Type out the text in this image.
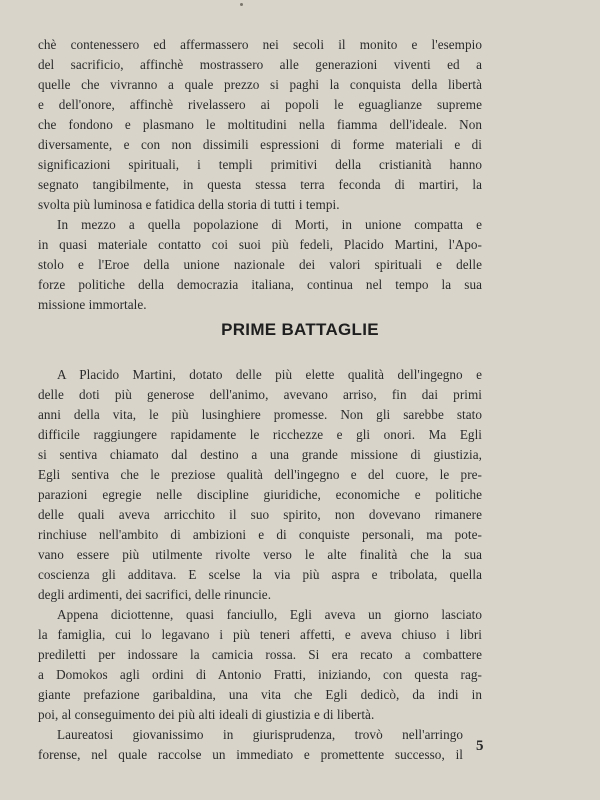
chè contenessero ed affermassero nei secoli il monito e l'esempio
del sacrificio, affinchè mostrassero alle generazioni viventi ed a
quelle che vivranno a quale prezzo si paghi la conquista della libertà
e dell'onore, affinchè rivelassero ai popoli le eguaglianze supreme
che fondono e plasmano le moltitudini nella fiamma dell'ideale. Non
diversamente, e con non dissimili espressioni di forme materiali e di
significazioni spirituali, i templi primitivi della cristianità hanno
segnato tangibilmente, in questa stessa terra feconda di martiri, la
svolta più luminosa e fatidica della storia di tutti i tempi.
In mezzo a quella popolazione di Morti, in unione compatta e
in quasi materiale contatto coi suoi più fedeli, Placido Martini, l'Apo-
stolo e l'Eroe della unione nazionale dei valori spirituali e delle
forze politiche della democrazia italiana, continua nel tempo la sua
missione immortale.
PRIME BATTAGLIE
A Placido Martini, dotato delle più elette qualità dell'ingegno e
delle doti più generose dell'animo, avevano arriso, fin dai primi
anni della vita, le più lusinghiere promesse. Non gli sarebbe stato
difficile raggiungere rapidamente le ricchezze e gli onori. Ma Egli
si sentiva chiamato dal destino a una grande missione di giustizia,
Egli sentiva che le preziose qualità dell'ingegno e del cuore, le pre-
parazioni egregie nelle discipline giuridiche, economiche e politiche
delle quali aveva arricchito il suo spirito, non dovevano rimanere
rinchiuse nell'ambito di ambizioni e di conquiste personali, ma pote-
vano essere più utilmente rivolte verso le alte finalità che la sua
coscienza gli additava. E scelse la via più aspra e tribolata, quella
degli ardimenti, dei sacrifici, delle rinuncie.
Appena diciottenne, quasi fanciullo, Egli aveva un giorno lasciato
la famiglia, cui lo legavano i più teneri affetti, e aveva chiuso i libri
prediletti per indossare la camicia rossa. Si era recato a combattere
a Domokos agli ordini di Antonio Fratti, iniziando, con questa rag-
giante prefazione garibaldina, una vita che Egli dedicò, da indi in
poi, al conseguimento dei più alti ideali di giustizia e di libertà.
Laureatosi giovanissimo in giurisprudenza, trovò nell'arringo
forense, nel quale raccolse un immediato e promettente successo, il
5
